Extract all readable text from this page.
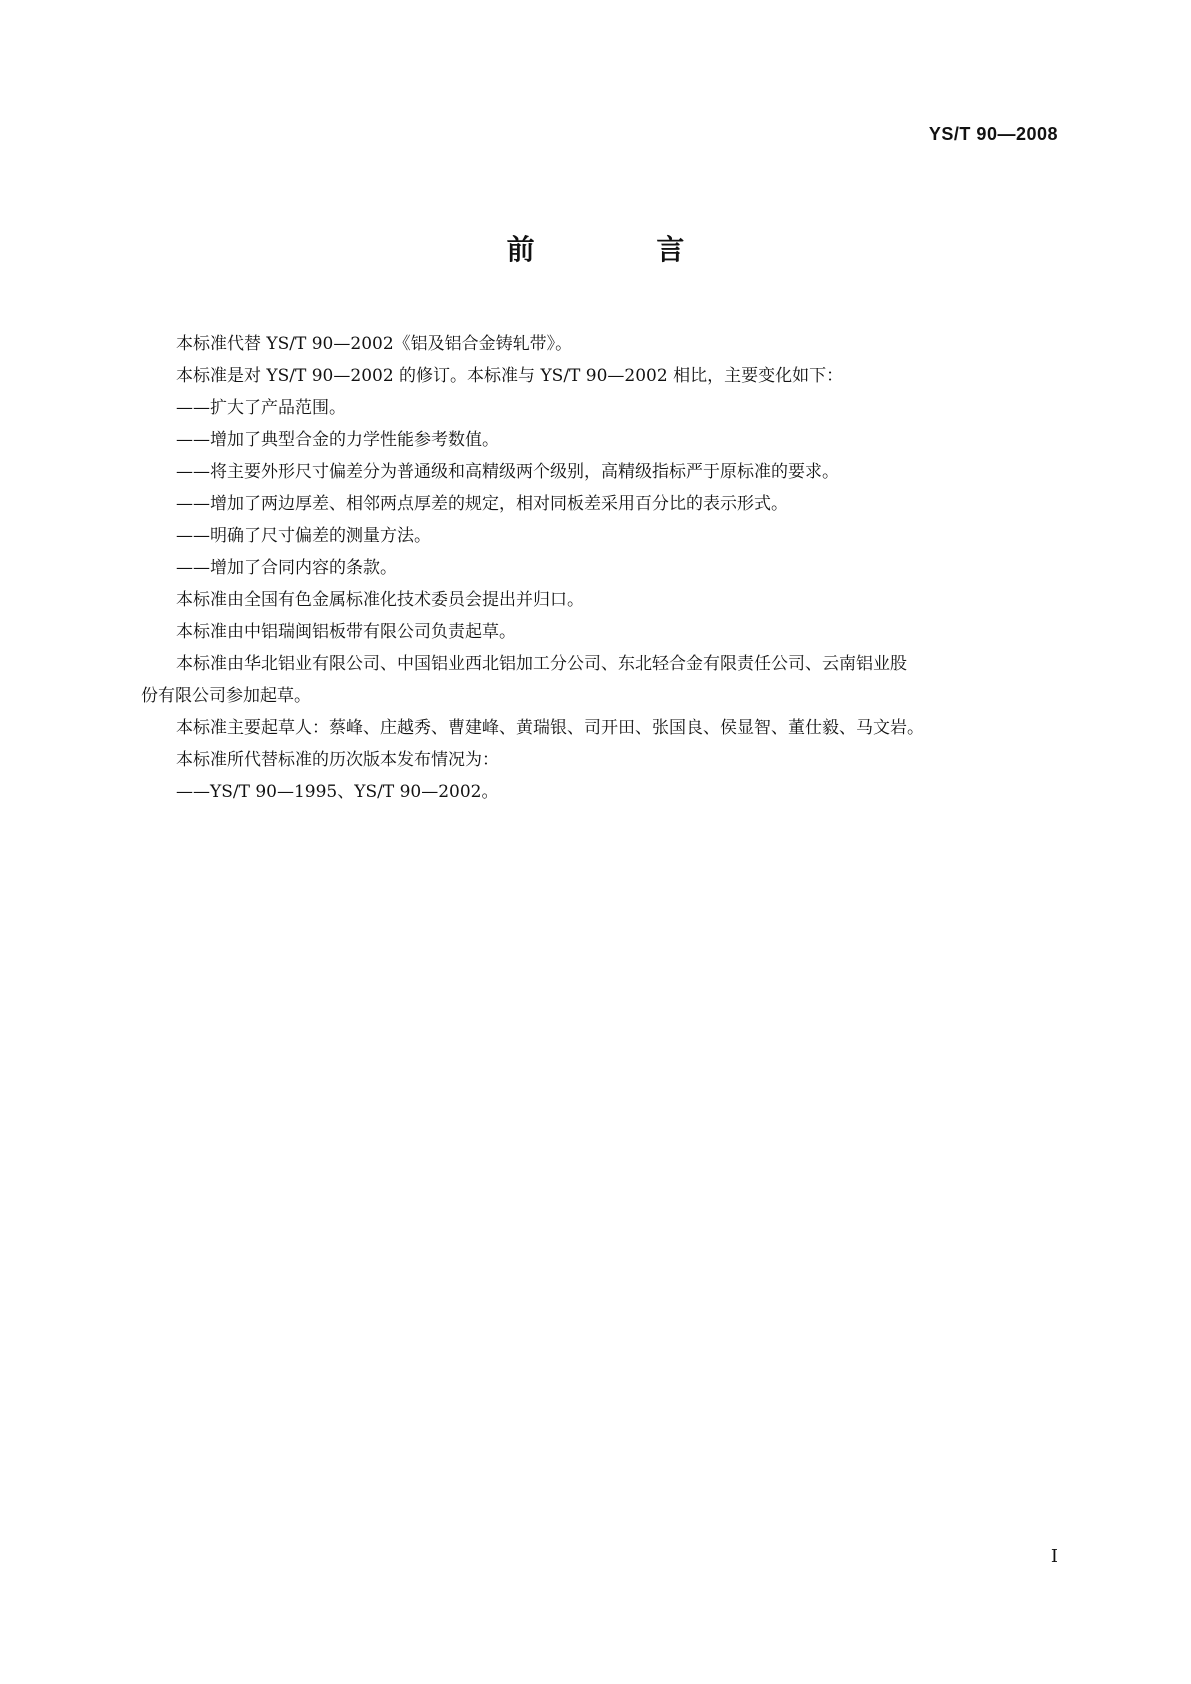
YS/T 90—2008
前 言

本标准代替 YS/T 90—2002《铝及铝合金铸轧带》。

本标准是对 YS/T 90—2002 的修订。本标准与 YS/T 90—2002 相比，主要变化如下：

——扩大了产品范围。

——增加了典型合金的力学性能参考数值。

——将主要外形尺寸偏差分为普通级和高精级两个级别，高精级指标严于原标准的要求。

——增加了两边厚差、相邻两点厚差的规定，相对同板差采用百分比的表示形式。

——明确了尺寸偏差的测量方法。

——增加了合同内容的条款。

本标准由全国有色金属标准化技术委员会提出并归口。

本标准由中铝瑞闽铝板带有限公司负责起草。

本标准由华北铝业有限公司、中国铝业西北铝加工分公司、东北轻合金有限责任公司、云南铝业股
份有限公司参加起草。

本标准主要起草人：蔡峰、庄越秀、曹建峰、黄瑞银、司开田、张国良、侯显智、董仕毅、马文岩。

本标准所代替标准的历次版本发布情况为：

——YS/T 90—1995、YS/T 90—2002。

I
